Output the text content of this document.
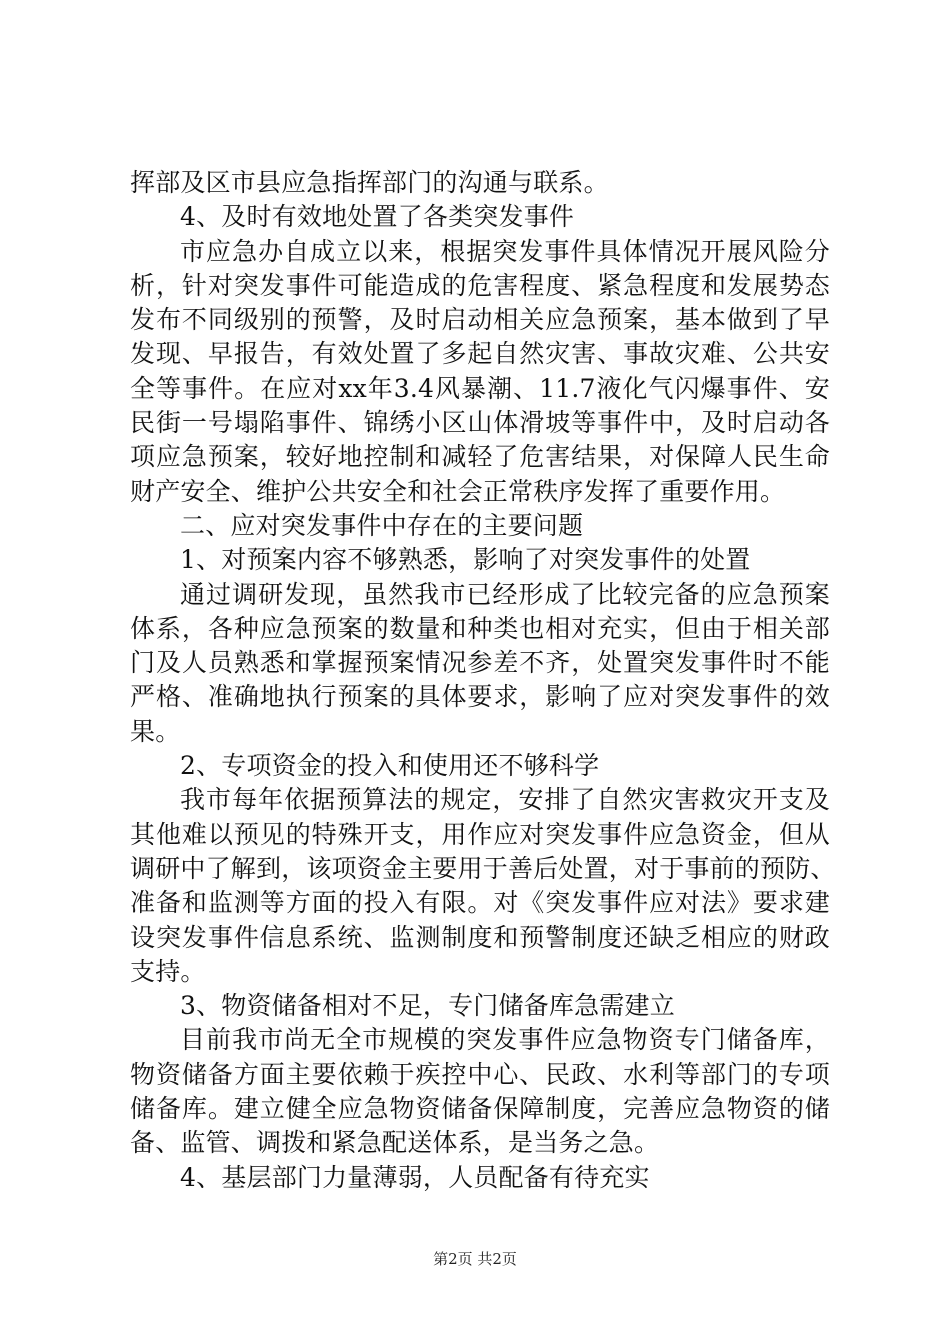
挥部及区市县应急指挥部门的沟通与联系。
4、及时有效地处置了各类突发事件
市应急办自成立以来，根据突发事件具体情况开展风险分
析，针对突发事件可能造成的危害程度、紧急程度和发展势态
发布不同级别的预警，及时启动相关应急预案，基本做到了早
发现、早报告，有效处置了多起自然灾害、事故灾难、公共安
全等事件。在应对xx年3.4风暴潮、11.7液化气闪爆事件、安
民街一号塌陷事件、锦绣小区山体滑坡等事件中，及时启动各
项应急预案，较好地控制和减轻了危害结果，对保障人民生命
财产安全、维护公共安全和社会正常秩序发挥了重要作用。
二、应对突发事件中存在的主要问题
1、对预案内容不够熟悉，影响了对突发事件的处置
通过调研发现，虽然我市已经形成了比较完备的应急预案
体系，各种应急预案的数量和种类也相对充实，但由于相关部
门及人员熟悉和掌握预案情况参差不齐，处置突发事件时不能
严格、准确地执行预案的具体要求，影响了应对突发事件的效
果。
2、专项资金的投入和使用还不够科学
我市每年依据预算法的规定，安排了自然灾害救灾开支及
其他难以预见的特殊开支，用作应对突发事件应急资金，但从
调研中了解到，该项资金主要用于善后处置，对于事前的预防、
准备和监测等方面的投入有限。对《突发事件应对法》要求建
设突发事件信息系统、监测制度和预警制度还缺乏相应的财政
支持。
3、物资储备相对不足，专门储备库急需建立
目前我市尚无全市规模的突发事件应急物资专门储备库，
物资储备方面主要依赖于疾控中心、民政、水利等部门的专项
储备库。建立健全应急物资储备保障制度，完善应急物资的储
备、监管、调拨和紧急配送体系，是当务之急。
4、基层部门力量薄弱，人员配备有待充实
第2页 共2页
